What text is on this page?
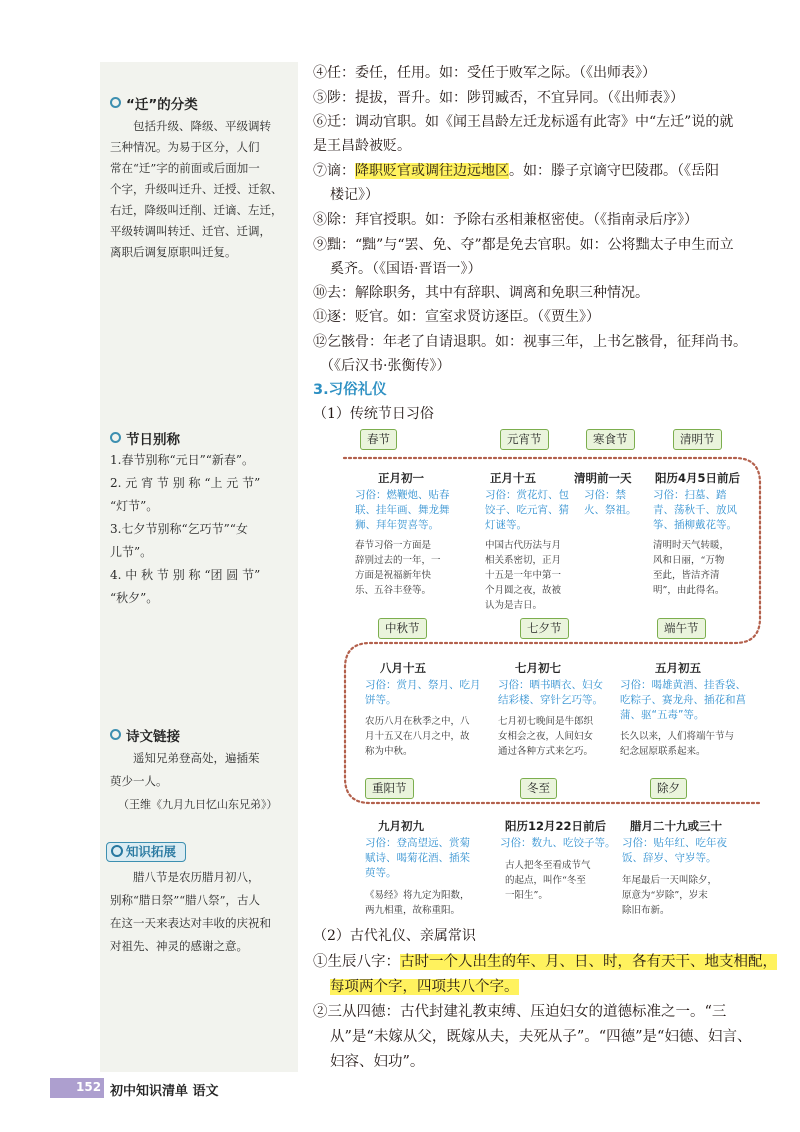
“迁”的分类

包括升级、降级、平级调转

三种情况。为易于区分，人们

常在“迁”字的前面或后面加一

个字，升级叫迁升、迁授、迁叙、

右迁，降级叫迁削、迁谪、左迁，

平级转调叫转迁、迁官、迁调，

离职后调复原职叫迁复。

节日别称

1.春节别称“元日”“新春”。

2. 元 宵 节 别 称 “上 元 节”

“灯节”。

3.七夕节别称“乞巧节”“女

儿节”。

4. 中 秋 节 别 称 “团 圆 节”

“秋夕”。

诗文链接

遥知兄弟登高处，遍插茱

萸少一人。

（王维《九月九日忆山东兄弟》）

知识拓展

腊八节是农历腊月初八，

别称“腊日祭”“腊八祭”，古人

在这一天来表达对丰收的庆祝和

对祖先、神灵的感谢之意。

④任：委任，任用。如：受任于败军之际。（《出师表》）
⑤陟：提拔，晋升。如：陟罚臧否，不宜异同。（《出师表》）
⑥迁：调动官职。如《闻王昌龄左迁龙标遥有此寄》中“左迁”说的就
是王昌龄被贬。
⑦谪：降职贬官或调往边远地区。如：滕子京谪守巴陵郡。（《岳阳
楼记》）
⑧除：拜官授职。如：予除右丞相兼枢密使。（《指南录后序》）
⑨黜：“黜”与“罢、免、夺”都是免去官职。如：公将黜太子申生而立
奚齐。（《国语·晋语一》）
⑩去：解除职务，其中有辞职、调离和免职三种情况。
⑪逐：贬官。如：宣室求贤访逐臣。（《贾生》）
⑫乞骸骨：年老了自请退职。如：视事三年，上书乞骸骨，征拜尚书。
（《后汉书·张衡传》）
3.习俗礼仪
（1）传统节日习俗
春节
正月初一
习俗：燃鞭炮、贴春
联、挂年画、舞龙舞
狮、拜年贺喜等。
春节习俗一方面是
辞别过去的一年，一
方面是祝福新年快
乐、五谷丰登等。
元宵节
正月十五
习俗：赏花灯、包
饺子、吃元宵、猜
灯谜等。
中国古代历法与月
相关系密切，正月
十五是一年中第一
个月圆之夜，故被
认为是吉日。
寒食节
清明前一天
习俗：禁
火、祭祖。
清明节
阳历4月5日前后
习俗：扫墓、踏
青、荡秋千、放风
筝、插柳戴花等。
清明时天气转暖，
风和日丽，“万物
至此，皆洁齐清
明”，由此得名。
中秋节
八月十五
习俗：赏月、祭月、吃月
饼等。
农历八月在秋季之中，八
月十五又在八月之中，故
称为中秋。
七夕节
七月初七
习俗：晒书晒衣、妇女
结彩楼、穿针乞巧等。
七月初七晚间是牛郎织
女相会之夜，人间妇女
通过各种方式来乞巧。
端午节
五月初五
习俗：喝雄黄酒、挂香袋、
吃粽子、赛龙舟、插花和菖
蒲、驱“五毒”等。
长久以来，人们将端午节与
纪念屈原联系起来。
重阳节
九月初九
习俗：登高望远、赏菊
赋诗、喝菊花酒、插茱
萸等。
《易经》将九定为阳数，
两九相重，故称重阳。
冬至
阳历12月22日前后
习俗：数九、吃饺子等。
古人把冬至看成节气
的起点，叫作“冬至
一阳生”。
除夕
腊月二十九或三十
习俗：贴年红、吃年夜
饭、辞岁、守岁等。
年尾最后一天叫除夕，
原意为“岁除”，岁末
除旧布新。
（2）古代礼仪、亲属常识
①生辰八字：古时一个人出生的年、月、日、时，各有天干、地支相配，
每项两个字，四项共八个字。
②三从四德：古代封建礼教束缚、压迫妇女的道德标准之一。“三
从”是“未嫁从父，既嫁从夫，夫死从子”。“四德”是“妇德、妇言、
妇容、妇功”。
152 初中知识清单 语文
